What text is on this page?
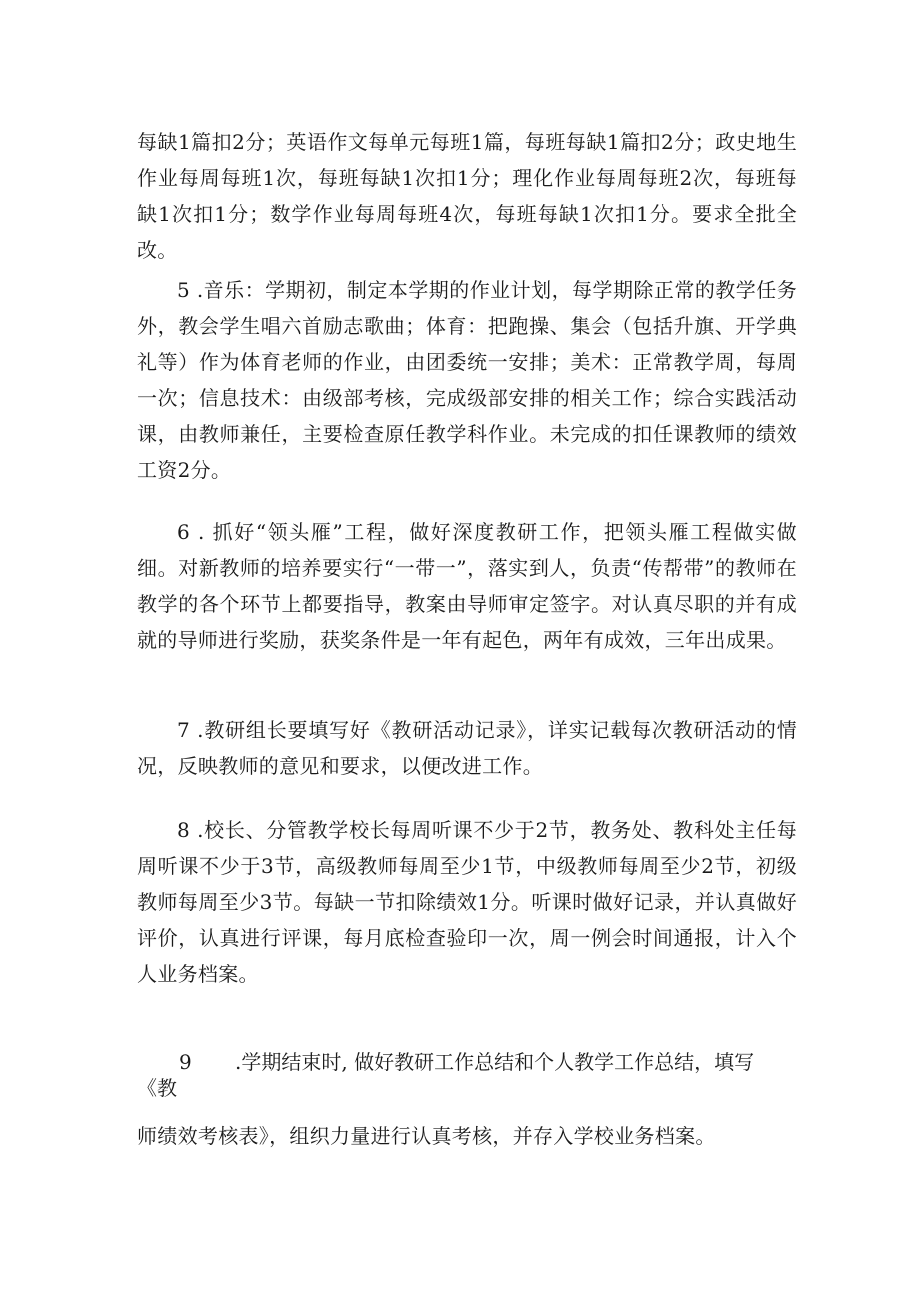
每缺1篇扣2分；英语作文每单元每班1篇，每班每缺1篇扣2分；政史地生作业每周每班1次，每班每缺1次扣1分；理化作业每周每班2次，每班每缺1次扣1分；数学作业每周每班4次，每班每缺1次扣1分。要求全批全改。

5 .音乐：学期初，制定本学期的作业计划，每学期除正常的教学任务外，教会学生唱六首励志歌曲；体育：把跑操、集会（包括升旗、开学典礼等）作为体育老师的作业，由团委统一安排；美术：正常教学周，每周一次；信息技术：由级部考核，完成级部安排的相关工作；综合实践活动课，由教师兼任，主要检查原任教学科作业。未完成的扣任课教师的绩效工资2分。

6 . 抓好“领头雁”工程，做好深度教研工作，把领头雁工程做实做细。对新教师的培养要实行“一带一”，落实到人，负责“传帮带”的教师在教学的各个环节上都要指导，教案由导师审定签字。对认真尽职的并有成就的导师进行奖励，获奖条件是一年有起色，两年有成效，三年出成果。

7 .教研组长要填写好《教研活动记录》，详实记载每次教研活动的情况，反映教师的意见和要求，以便改进工作。

8 .校长、分管教学校长每周听课不少于2节，教务处、教科处主任每周听课不少于3节，高级教师每周至少1节，中级教师每周至少2节，初级教师每周至少3节。每缺一节扣除绩效1分。听课时做好记录，并认真做好评价，认真进行评课，每月底检查验印一次，周一例会时间通报，计入个人业务档案。

9 .学期结束时, 做好教研工作总结和个人教学工作总结，填写
《教
师绩效考核表》，组织力量进行认真考核，并存入学校业务档案。
